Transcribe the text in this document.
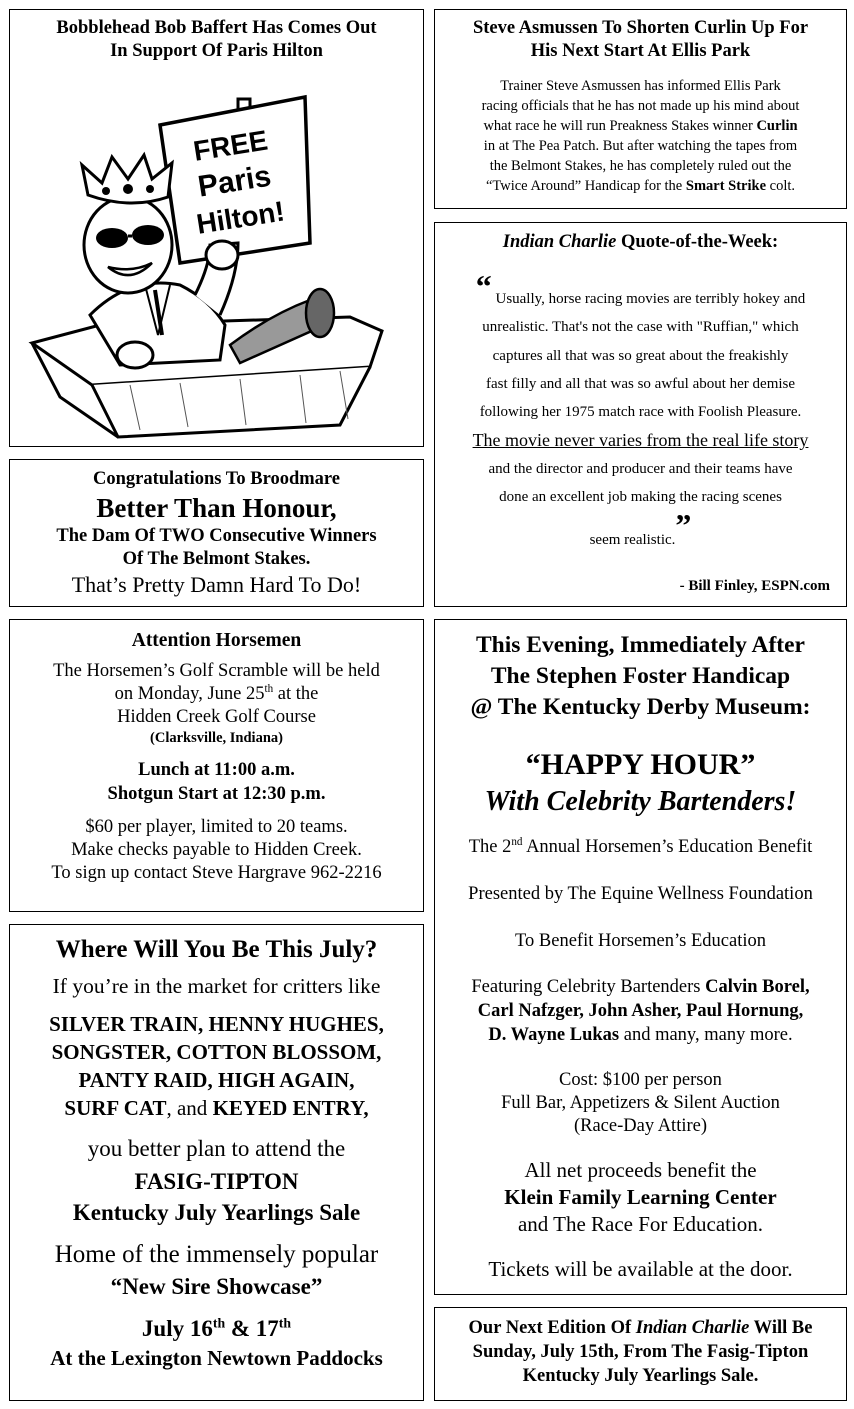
Bobblehead Bob Baffert Has Comes Out
In Support Of Paris Hilton
FREE
Paris
Hilton!
Steve Asmussen To Shorten Curlin Up For
His Next Start At Ellis Park
Trainer Steve Asmussen has informed Ellis Park
racing officials that he has not made up his mind about
what race he will run Preakness Stakes winner Curlin
in at The Pea Patch. But after watching the tapes from
the Belmont Stakes, he has completely ruled out the
“Twice Around” Handicap for the Smart Strike colt.
Indian Charlie Quote-of-the-Week:
“ Usually, horse racing movies are terribly hokey and
unrealistic. That's not the case with "Ruffian," which
captures all that was so great about the freakishly
fast filly and all that was so awful about her demise
following her 1975 match race with Foolish Pleasure.
The movie never varies from the real life story
and the director and producer and their teams have
done an excellent job making the racing scenes
seem realistic.”
- Bill Finley, ESPN.com
Congratulations To Broodmare
Better Than Honour,
The Dam Of TWO Consecutive Winners
Of The Belmont Stakes.
That’s Pretty Damn Hard To Do!
Attention Horsemen
The Horsemen’s Golf Scramble will be held
on Monday, June 25th at the
Hidden Creek Golf Course
(Clarksville, Indiana)
Lunch at 11:00 a.m.
Shotgun Start at 12:30 p.m.
$60 per player, limited to 20 teams.
Make checks payable to Hidden Creek.
To sign up contact Steve Hargrave 962-2216
This Evening, Immediately After
The Stephen Foster Handicap
@ The Kentucky Derby Museum:
“HAPPY HOUR”
With Celebrity Bartenders!
The 2nd Annual Horsemen’s Education Benefit
Presented by The Equine Wellness Foundation
To Benefit Horsemen’s Education
Featuring Celebrity Bartenders Calvin Borel,
Carl Nafzger, John Asher, Paul Hornung,
D. Wayne Lukas and many, many more.
Cost: $100 per person
Full Bar, Appetizers & Silent Auction
(Race-Day Attire)
All net proceeds benefit the
Klein Family Learning Center
and The Race For Education.
Tickets will be available at the door.
Where Will You Be This July?
If you’re in the market for critters like
SILVER TRAIN, HENNY HUGHES,
SONGSTER, COTTON BLOSSOM,
PANTY RAID, HIGH AGAIN,
SURF CAT, and KEYED ENTRY,
you better plan to attend the
FASIG-TIPTON
Kentucky July Yearlings Sale
Home of the immensely popular
“New Sire Showcase”
July 16th & 17th
At the Lexington Newtown Paddocks
Our Next Edition Of Indian Charlie Will Be
Sunday, July 15th, From The Fasig-Tipton
Kentucky July Yearlings Sale.
